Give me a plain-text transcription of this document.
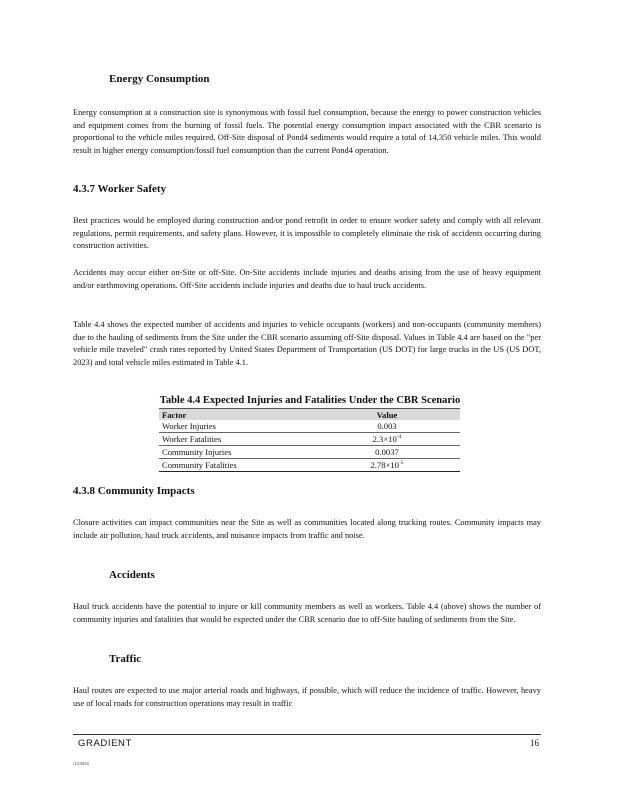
Energy Consumption

Energy consumption at a construction site is synonymous with fossil fuel consumption, because the energy to power construction vehicles and equipment comes from the burning of fossil fuels. The potential energy consumption impact associated with the CBR scenario is proportional to the vehicle miles required. Off-Site disposal of Pond4 sediments would require a total of 14,350 vehicle miles. This would result in higher energy consumption/fossil fuel consumption than the current Pond4 operation.

4.3.7 Worker Safety

Best practices would be employed during construction and/or pond retrofit in order to ensure worker safety and comply with all relevant regulations, permit requirements, and safety plans. However, it is impossible to completely eliminate the risk of accidents occurring during construction activities.

Accidents may occur either on-Site or off-Site. On-Site accidents include injuries and deaths arising from the use of heavy equipment and/or earthmoving operations. Off-Site accidents include injuries and deaths due to haul truck accidents.

Table 4.4 shows the expected number of accidents and injuries to vehicle occupants (workers) and non-occupants (community members) due to the hauling of sediments from the Site under the CBR scenario assuming off-Site disposal. Values in Table 4.4 are based on the "per vehicle mile traveled" crash rates reported by United States Department of Transportation (US DOT) for large trucks in the US (US DOT, 2023) and total vehicle miles estimated in Table 4.1.

Table 4.4 Expected Injuries and Fatalities Under the CBR Scenario
Factor	Value
Worker Injuries	0.003
Worker Fatalities	$2.3\times 10^{-4}$
Community Injuries	0.0037
Community Fatalities	$2.78\times 10^{-5}$
4.3.8 Community Impacts

Closure activities can impact communities near the Site as well as communities located along trucking routes. Community impacts may include air pollution, haul truck accidents, and nuisance impacts from traffic and noise.

Accidents

Haul truck accidents have the potential to injure or kill community members as well as workers. Table 4.4 (above) shows the number of community injuries and fatalities that would be expected under the CBR scenario due to off-Site hauling of sediments from the Site.

Traffic

Haul routes are expected to use major arterial roads and highways, if possible, which will reduce the incidence of traffic. However, heavy use of local roads for construction operations may result in traffic

GRADIENT	16
r1236Ni
